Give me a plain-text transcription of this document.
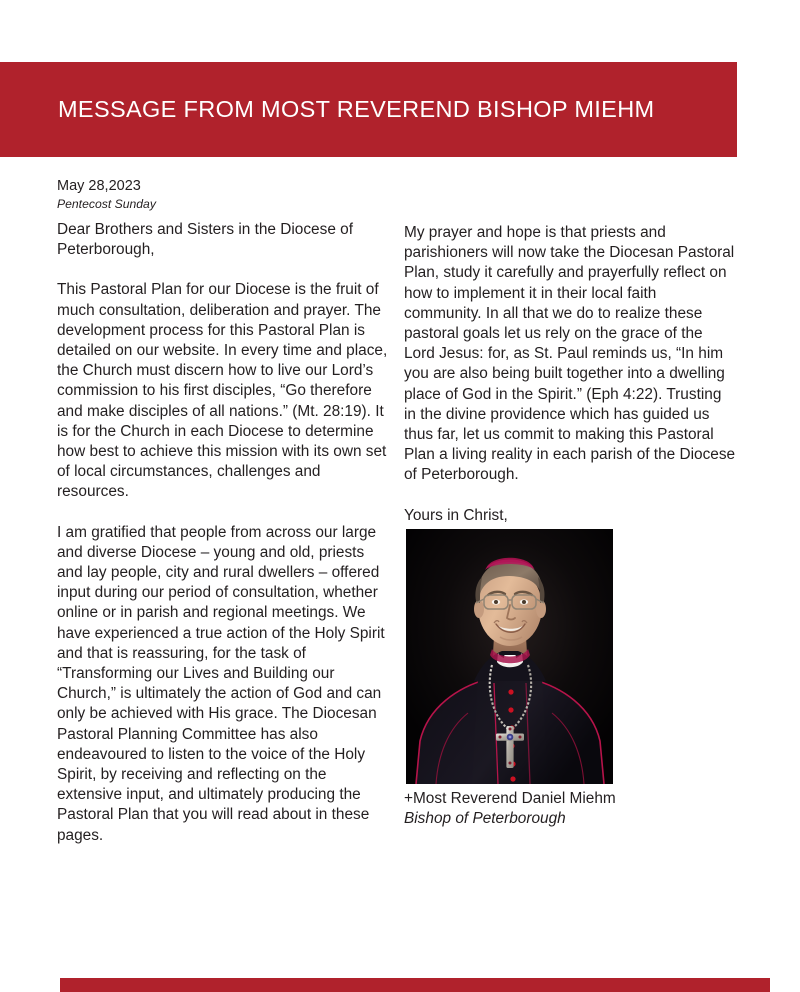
MESSAGE FROM MOST REVEREND BISHOP MIEHM
May 28,2023
Pentecost Sunday

Dear Brothers and Sisters in the Diocese of Peterborough,

This Pastoral Plan for our Diocese is the fruit of much consultation, deliberation and prayer. The development process for this Pastoral Plan is detailed on our website. In every time and place, the Church must discern how to live our Lord’s commission to his first disciples, “Go therefore and make disciples of all nations.” (Mt. 28:19). It is for the Church in each Diocese to determine how best to achieve this mission with its own set of local circumstances, challenges and resources.

I am gratified that people from across our large and diverse Diocese – young and old, priests and lay people, city and rural dwellers – offered input during our period of consultation, whether online or in parish and regional meetings. We have experienced a true action of the Holy Spirit and that is reassuring, for the task of “Transforming our Lives and Building our Church,” is ultimately the action of God and can only be achieved with His grace. The Diocesan Pastoral Planning Committee has also endeavoured to listen to the voice of the Holy Spirit, by receiving and reflecting on the extensive input, and ultimately producing the Pastoral Plan that you will read about in these pages.

My prayer and hope is that priests and parishioners will now take the Diocesan Pastoral Plan, study it carefully and prayerfully reflect on how to implement it in their local faith community. In all that we do to realize these pastoral goals let us rely on the grace of the Lord Jesus: for, as St. Paul reminds us, “In him you are also being built together into a dwelling place of God in the Spirit.” (Eph 4:22). Trusting in the divine providence which has guided us thus far, let us commit to making this Pastoral Plan a living reality in each parish of the Diocese of Peterborough.

Yours in Christ,

+Most Reverend Daniel Miehm
Bishop of Peterborough
